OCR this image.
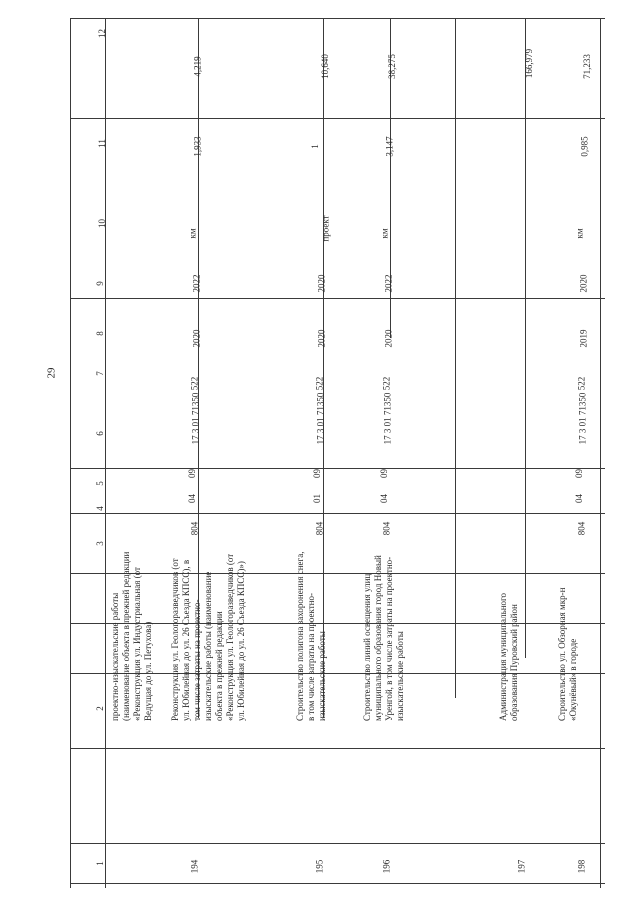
29
12
11
10
9
8
7
6
5
4
3
2
1
4,219
1,933
км
2022
2020
522
17 3 01 71350
09
04
804
Реконструкция ул. Геологоразведчиков (от ул. Юбилейная до ул. 26 Съезда КПСС), в том числе затраты на проектно-изыскательские работы (наименование объекта в прежней редакции «Реконструкция ул. Геологоразведчиков (от ул. Юбилейная до ул. 26 Съезда КПСС)»)
194
10,640
1
проект
2020
2020
522
17 3 01 71350
09
01
804
Строительство полигона захоронения снега, в том числе затраты на проектно-изыскательские работы
195
38,275
3,147
км
2022
2020
522
17 3 01 71350
09
04
804
Строительство линий освещения улиц муниципального образования город Новый Уренгой, в том числе затраты на проектно-изыскательские работы
196
166,979
Администрация муниципального образования Пуровский район
197
71,233
0,985
км
2020
2019
522
17 3 01 71350
09
04
804
Строительство ул. Обзорная мкр-н «Окунёвый» в городе
198
проектно-изыскательские работы (наименование объекта в прежней редакции «Реконструкция ул. Индустриальная (от Ведущая до ул. Петухова)
